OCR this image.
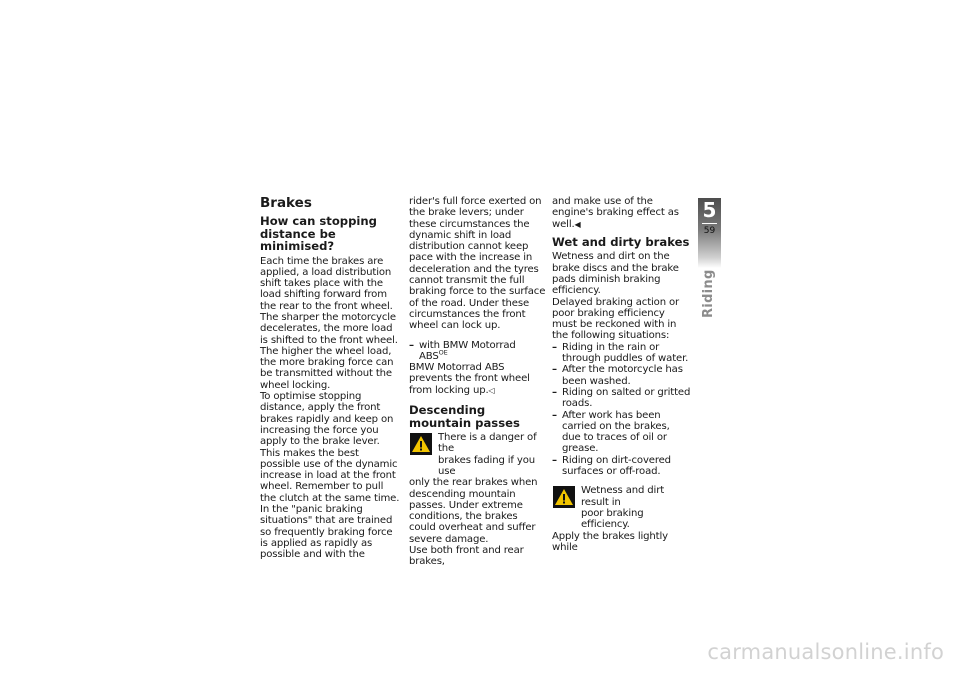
Brakes
How can stopping distance be minimised?

Each time the brakes are applied, a load distribution shift takes place with the load shifting forward from the rear to the front wheel. The sharper the motorcycle decelerates, the more load is shifted to the front wheel. The higher the wheel load, the more braking force can be transmitted without the wheel locking.

To optimise stopping distance, apply the front brakes rapidly and keep on increasing the force you apply to the brake lever. This makes the best possible use of the dynamic increase in load at the front wheel. Remember to pull the clutch at the same time. In the "panic braking situations" that are trained so frequently braking force is applied as rapidly as possible and with the

rider's full force exerted on the brake levers; under these circumstances the dynamic shift in load distribution cannot keep pace with the increase in deceleration and the tyres cannot transmit the full braking force to the surface of the road. Under these circumstances the front wheel can lock up.

– with BMW Motorrad $ABS^{OE}$

BMW Motorrad ABS prevents the front wheel from locking up.◁

Descending mountain passes
There is a danger of the
brakes fading if you use

only the rear brakes when descending mountain passes. Under extreme conditions, the brakes could overheat and suffer severe damage.

Use both front and rear brakes,

and make use of the engine's braking effect as well.◀

Wet and dirty brakes

Wetness and dirt on the brake discs and the brake pads diminish braking efficiency.

Delayed braking action or poor braking efficiency must be reckoned with in the following situations:

– Riding in the rain or through puddles of water.
– After the motorcycle has been washed.
– Riding on salted or gritted roads.
– After work has been carried on the brakes, due to traces of oil or grease.
– Riding on dirt-covered surfaces or off-road.
Wetness and dirt result in
poor braking efficiency.

Apply the brakes lightly while

5
59
Riding
carmanualsonline.info
